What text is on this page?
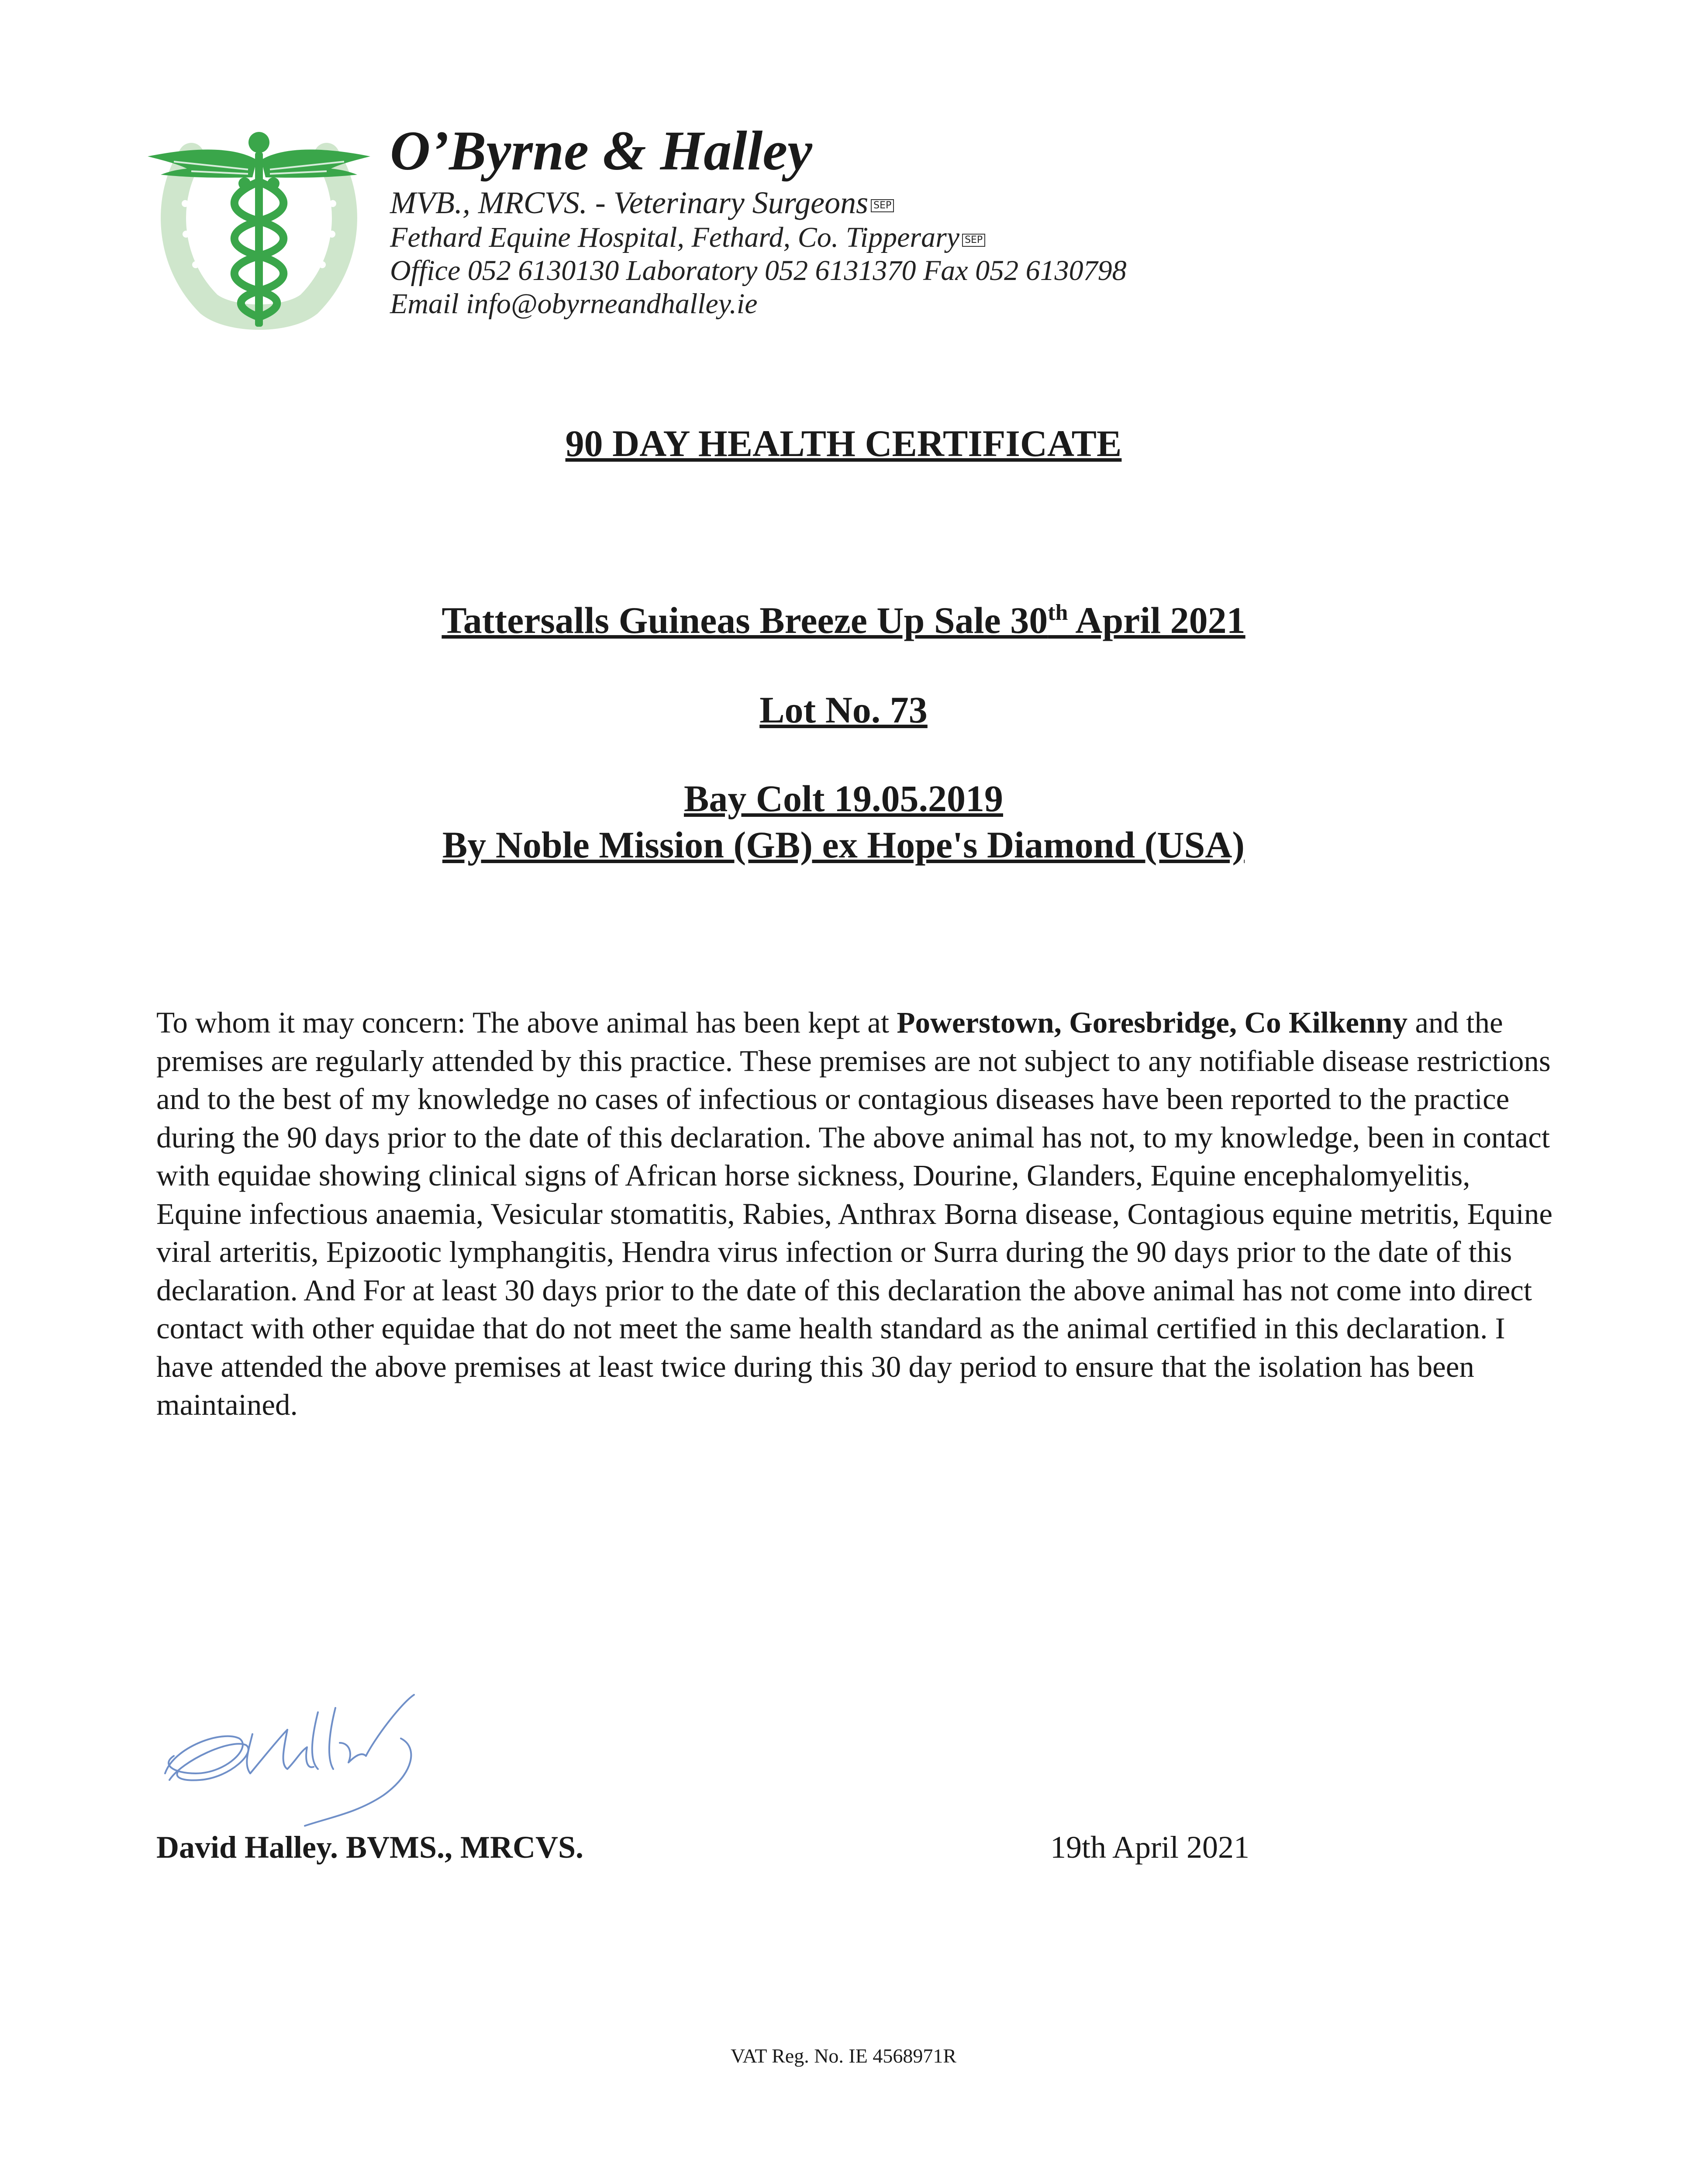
O’Byrne & Halley
MVB., MRCVS. - Veterinary Surgeons SEP
Fethard Equine Hospital, Fethard, Co. Tipperary SEP
Office 052 6130130 Laboratory 052 6131370 Fax 052 6130798
Email info@obyrneandhalley.ie
90 DAY HEALTH CERTIFICATE
Tattersalls Guineas Breeze Up Sale 30th April 2021
Lot No. 73
Bay Colt 19.05.2019
By Noble Mission (GB) ex Hope's Diamond (USA)
To whom it may concern: The above animal has been kept at Powerstown, Goresbridge, Co Kilkenny and the premises are regularly attended by this practice. These premises are not subject to any notifiable disease restrictions and to the best of my knowledge no cases of infectious or contagious diseases have been reported to the practice during the 90 days prior to the date of this declaration. The above animal has not, to my knowledge, been in contact with equidae showing clinical signs of African horse sickness, Dourine, Glanders, Equine encephalomyelitis, Equine infectious anaemia, Vesicular stomatitis, Rabies, Anthrax Borna disease, Contagious equine metritis, Equine viral arteritis, Epizootic lymphangitis, Hendra virus infection or Surra during the 90 days prior to the date of this declaration. And For at least 30 days prior to the date of this declaration the above animal has not come into direct contact with other equidae that do not meet the same health standard as the animal certified in this declaration. I have attended the above premises at least twice during this 30 day period to ensure that the isolation has been maintained.
David Halley. BVMS., MRCVS.	19th April 2021
VAT Reg. No. IE 4568971R
